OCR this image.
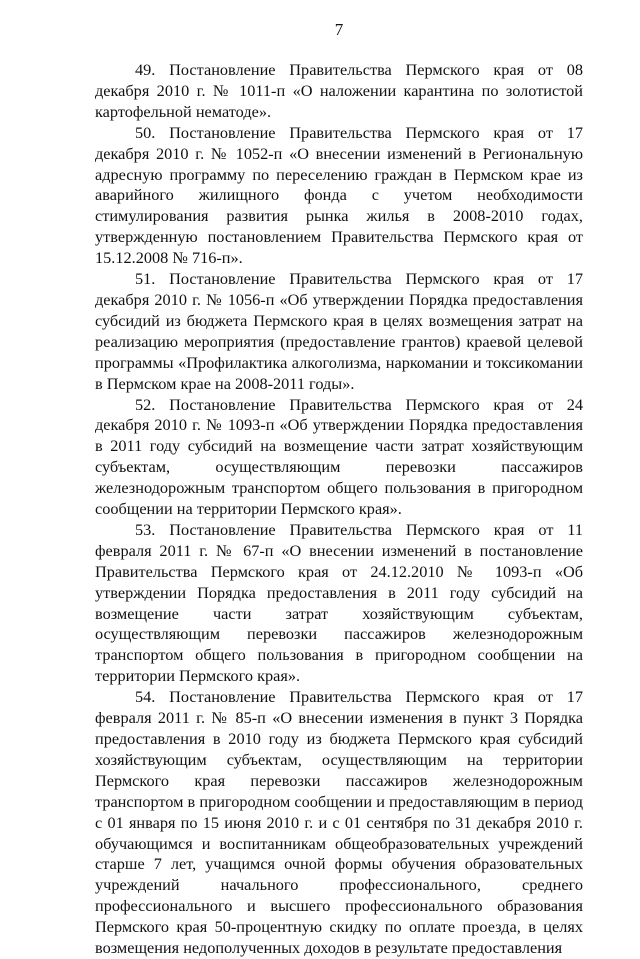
7

49. Постановление Правительства Пермского края от 08 декабря 2010 г. № 1011-п «О наложении карантина по золотистой картофельной нематоде».

50. Постановление Правительства Пермского края от 17 декабря 2010 г. № 1052-п «О внесении изменений в Региональную адресную программу по переселению граждан в Пермском крае из аварийного жилищного фонда с учетом необходимости стимулирования развития рынка жилья в 2008-2010 годах, утвержденную постановлением Правительства Пермского края от 15.12.2008 № 716-п».

51. Постановление Правительства Пермского края от 17 декабря 2010 г. № 1056-п «Об утверждении Порядка предоставления субсидий из бюджета Пермского края в целях возмещения затрат на реализацию мероприятия (предоставление грантов) краевой целевой программы «Профилактика алкоголизма, наркомании и токсикомании в Пермском крае на 2008-2011 годы».

52. Постановление Правительства Пермского края от 24 декабря 2010 г. № 1093-п «Об утверждении Порядка предоставления в 2011 году субсидий на возмещение части затрат хозяйствующим субъектам, осуществляющим перевозки пассажиров железнодорожным транспортом общего пользования в пригородном сообщении на территории Пермского края».

53. Постановление Правительства Пермского края от 11 февраля 2011 г. № 67-п «О внесении изменений в постановление Правительства Пермского края от 24.12.2010 № 1093-п «Об утверждении Порядка предоставления в 2011 году субсидий на возмещение части затрат хозяйствующим субъектам, осуществляющим перевозки пассажиров железнодорожным транспортом общего пользования в пригородном сообщении на территории Пермского края».

54. Постановление Правительства Пермского края от 17 февраля 2011 г. № 85-п «О внесении изменения в пункт 3 Порядка предоставления в 2010 году из бюджета Пермского края субсидий хозяйствующим субъектам, осуществляющим на территории Пермского края перевозки пассажиров железнодорожным транспортом в пригородном сообщении и предоставляющим в период с 01 января по 15 июня 2010 г. и с 01 сентября по 31 декабря 2010 г. обучающимся и воспитанникам общеобразовательных учреждений старше 7 лет, учащимся очной формы обучения образовательных учреждений начального профессионального, среднего профессионального и высшего профессионального образования Пермского края 50-процентную скидку по оплате проезда, в целях возмещения недополученных доходов в результате предоставления
